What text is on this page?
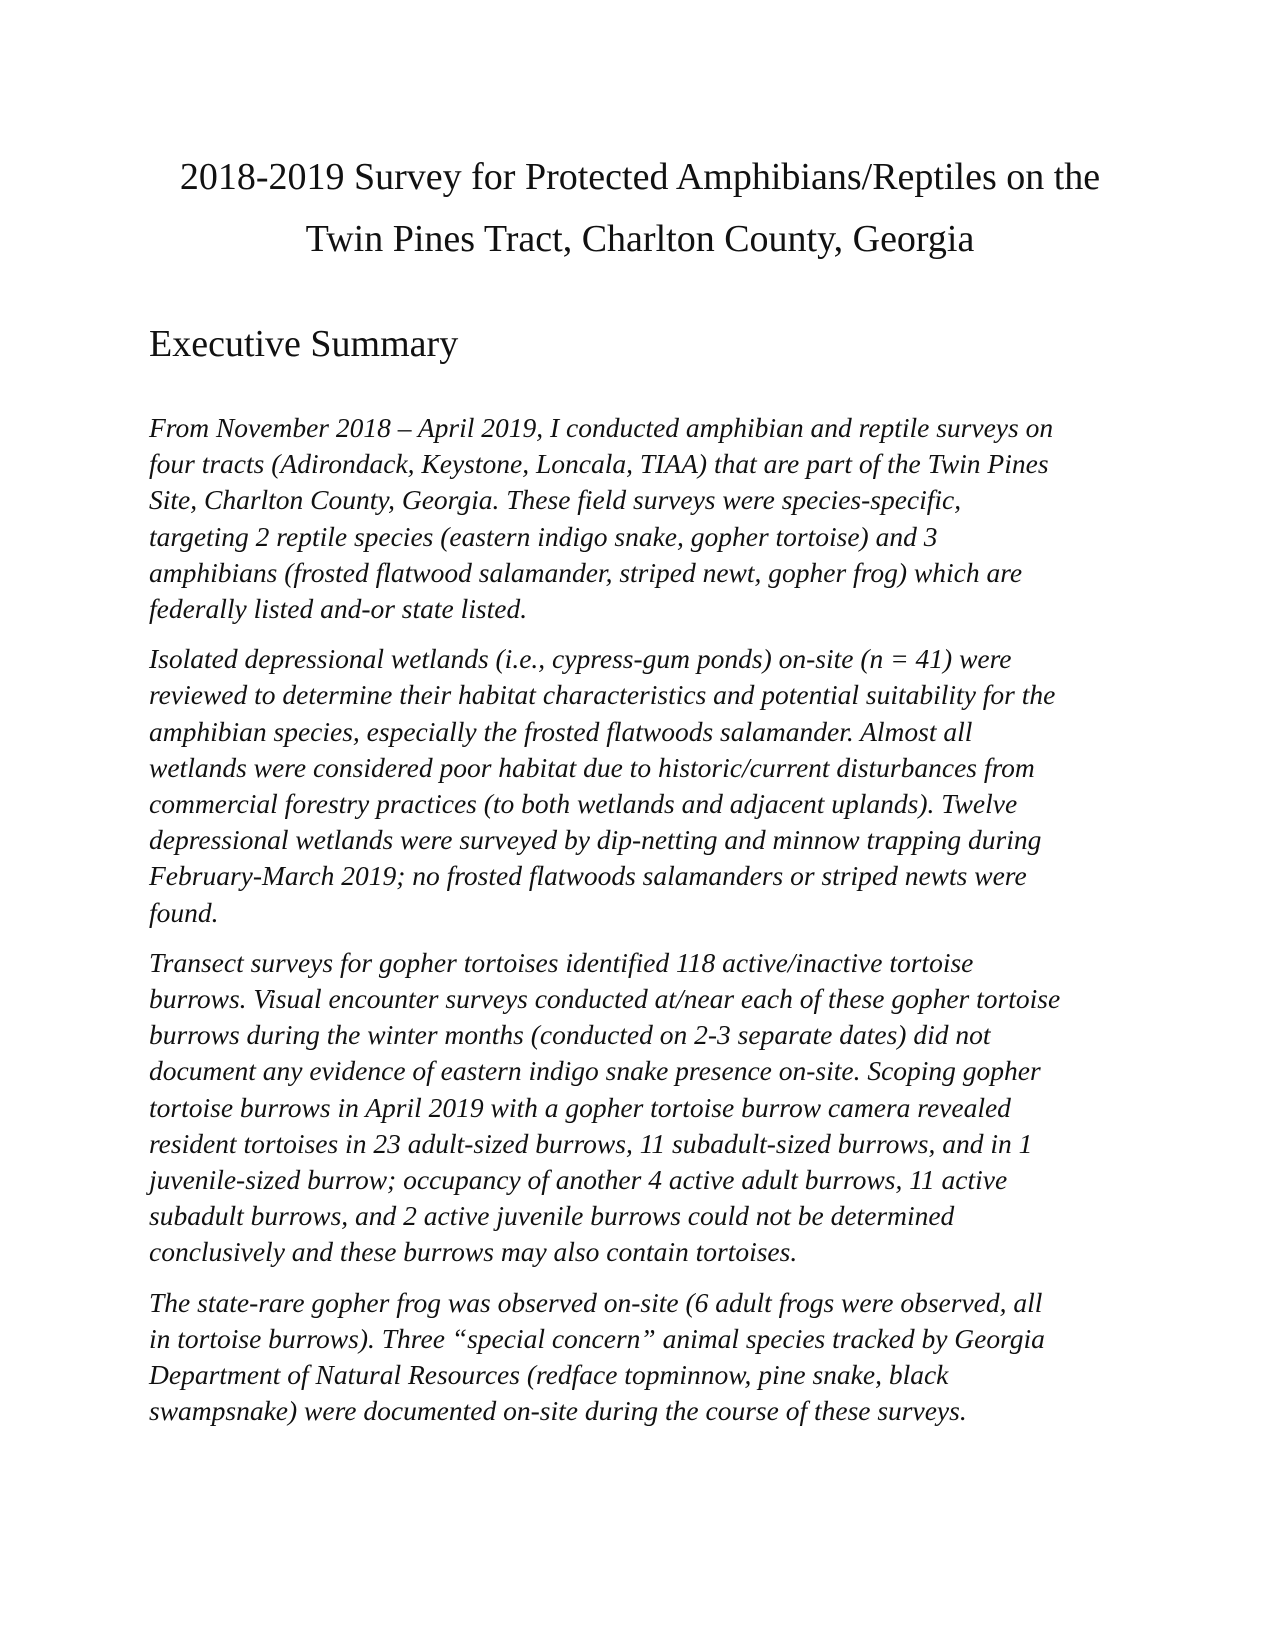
2018-2019 Survey for Protected Amphibians/Reptiles on the
Twin Pines Tract, Charlton County, Georgia
Executive Summary

From November 2018 – April 2019, I conducted amphibian and reptile surveys on
four tracts (Adirondack, Keystone, Loncala, TIAA) that are part of the Twin Pines
Site, Charlton County, Georgia. These field surveys were species-specific,
targeting 2 reptile species (eastern indigo snake, gopher tortoise) and 3
amphibians (frosted flatwood salamander, striped newt, gopher frog) which are
federally listed and-or state listed.

Isolated depressional wetlands (i.e., cypress-gum ponds) on-site (n = 41) were
reviewed to determine their habitat characteristics and potential suitability for the
amphibian species, especially the frosted flatwoods salamander. Almost all
wetlands were considered poor habitat due to historic/current disturbances from
commercial forestry practices (to both wetlands and adjacent uplands). Twelve
depressional wetlands were surveyed by dip-netting and minnow trapping during
February-March 2019; no frosted flatwoods salamanders or striped newts were
found.

Transect surveys for gopher tortoises identified 118 active/inactive tortoise
burrows. Visual encounter surveys conducted at/near each of these gopher tortoise
burrows during the winter months (conducted on 2-3 separate dates) did not
document any evidence of eastern indigo snake presence on-site. Scoping gopher
tortoise burrows in April 2019 with a gopher tortoise burrow camera revealed
resident tortoises in 23 adult-sized burrows, 11 subadult-sized burrows, and in 1
juvenile-sized burrow; occupancy of another 4 active adult burrows, 11 active
subadult burrows, and 2 active juvenile burrows could not be determined
conclusively and these burrows may also contain tortoises.

The state-rare gopher frog was observed on-site (6 adult frogs were observed, all
in tortoise burrows). Three “special concern” animal species tracked by Georgia
Department of Natural Resources (redface topminnow, pine snake, black
swampsnake) were documented on-site during the course of these surveys.
